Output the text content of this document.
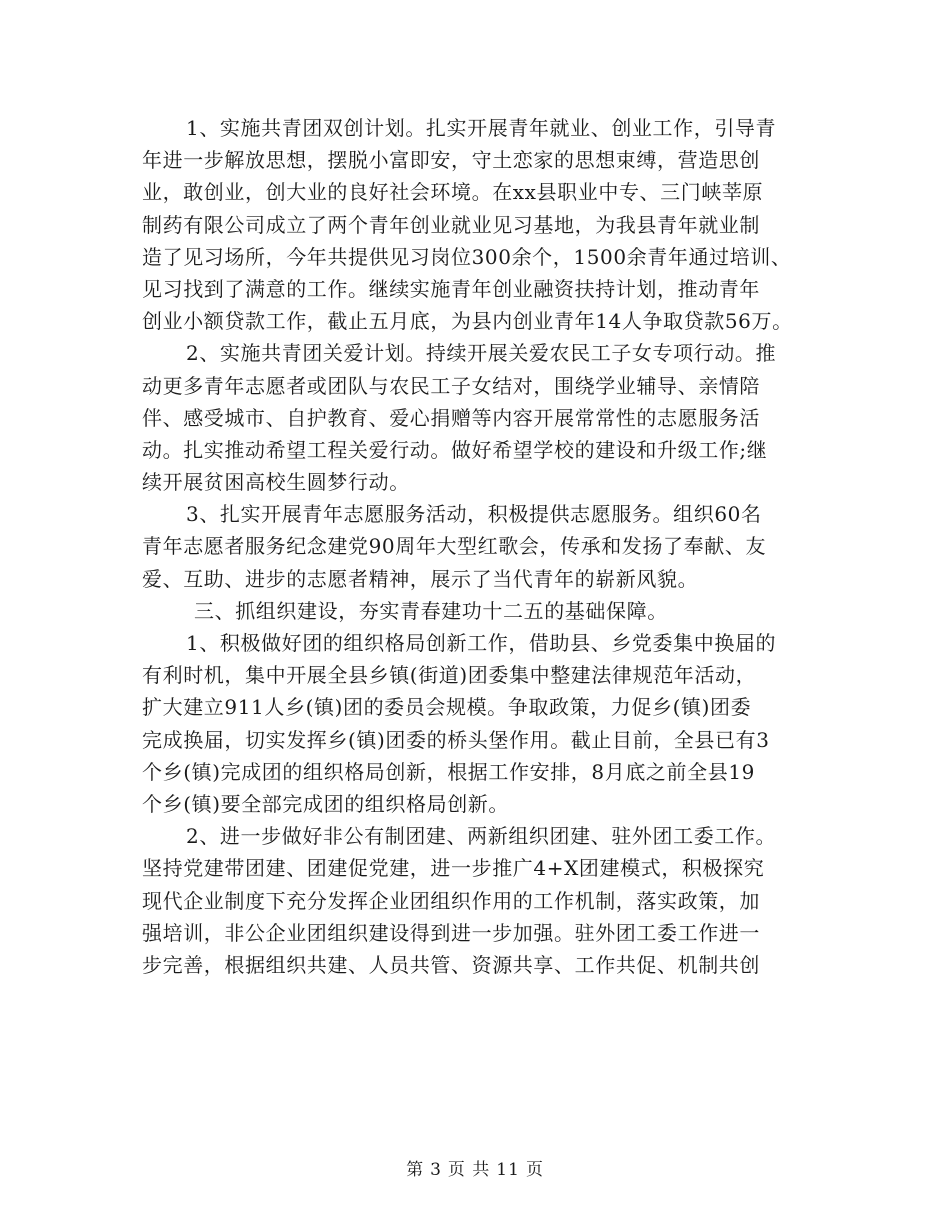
1、实施共青团双创计划。扎实开展青年就业、创业工作，引导青
年进一步解放思想，摆脱小富即安，守土恋家的思想束缚，营造思创
业，敢创业，创大业的良好社会环境。在xx县职业中专、三门峡莘原
制药有限公司成立了两个青年创业就业见习基地，为我县青年就业制
造了见习场所，今年共提供见习岗位300余个，1500余青年通过培训、
见习找到了满意的工作。继续实施青年创业融资扶持计划，推动青年
创业小额贷款工作，截止五月底，为县内创业青年14人争取贷款56万。
2、实施共青团关爱计划。持续开展关爱农民工子女专项行动。推
动更多青年志愿者或团队与农民工子女结对，围绕学业辅导、亲情陪
伴、感受城市、自护教育、爱心捐赠等内容开展常常性的志愿服务活
动。扎实推动希望工程关爱行动。做好希望学校的建设和升级工作;继
续开展贫困高校生圆梦行动。
3、扎实开展青年志愿服务活动，积极提供志愿服务。组织60名
青年志愿者服务纪念建党90周年大型红歌会，传承和发扬了奉献、友
爱、互助、进步的志愿者精神，展示了当代青年的崭新风貌。
三、抓组织建设，夯实青春建功十二五的基础保障。
1、积极做好团的组织格局创新工作，借助县、乡党委集中换届的
有利时机，集中开展全县乡镇(街道)团委集中整建法律规范年活动，
扩大建立911人乡(镇)团的委员会规模。争取政策，力促乡(镇)团委
完成换届，切实发挥乡(镇)团委的桥头堡作用。截止目前，全县已有3
个乡(镇)完成团的组织格局创新，根据工作安排，8月底之前全县19
个乡(镇)要全部完成团的组织格局创新。
2、进一步做好非公有制团建、两新组织团建、驻外团工委工作。
坚持党建带团建、团建促党建，进一步推广4+X团建模式，积极探究
现代企业制度下充分发挥企业团组织作用的工作机制，落实政策，加
强培训，非公企业团组织建设得到进一步加强。驻外团工委工作进一
步完善，根据组织共建、人员共管、资源共享、工作共促、机制共创
第 3 页 共 11 页
